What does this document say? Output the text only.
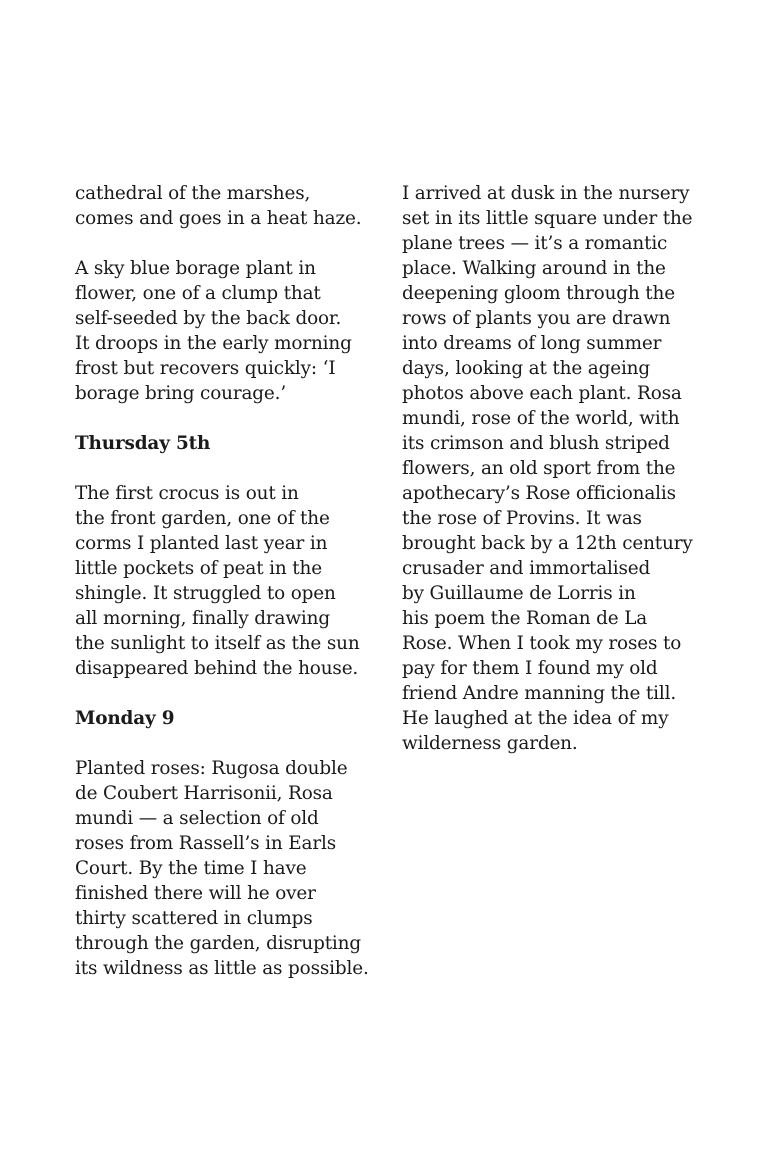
cathedral of the marshes,
comes and goes in a heat haze.
A sky blue borage plant in
flower, one of a clump that
self-seeded by the back door.
It droops in the early morning
frost but recovers quickly: ‘I
borage bring courage.’
Thursday 5th
The first crocus is out in
the front garden, one of the
corms I planted last year in
little pockets of peat in the
shingle. It struggled to open
all morning, finally drawing
the sunlight to itself as the sun
disappeared behind the house.
Monday 9
Planted roses: Rugosa double
de Coubert Harrisonii, Rosa
mundi — a selection of old
roses from Rassell’s in Earls
Court. By the time I have
finished there will he over
thirty scattered in clumps
through the garden, disrupting
its wildness as little as possible.
I arrived at dusk in the nursery
set in its little square under the
plane trees — it’s a romantic
place. Walking around in the
deepening gloom through the
rows of plants you are drawn
into dreams of long summer
days, looking at the ageing
photos above each plant. Rosa
mundi, rose of the world, with
its crimson and blush striped
flowers, an old sport from the
apothecary’s Rose officionalis
the rose of Provins. It was
brought back by a 12th century
crusader and immortalised
by Guillaume de Lorris in
his poem the Roman de La
Rose. When I took my roses to
pay for them I found my old
friend Andre manning the till.
He laughed at the idea of my
wilderness garden.
